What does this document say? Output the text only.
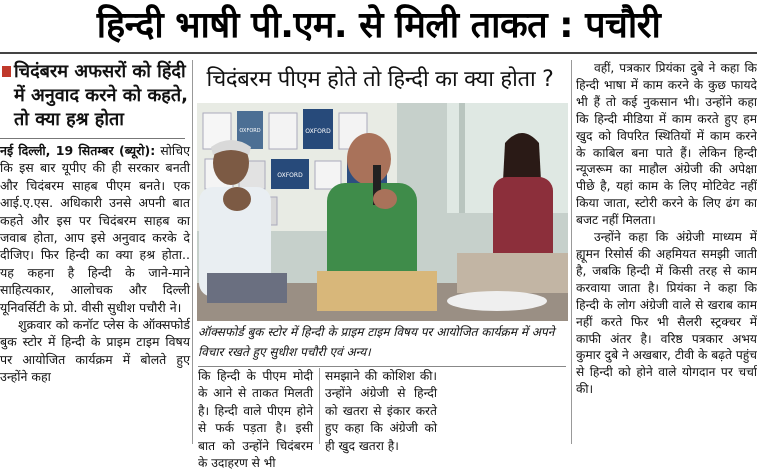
हिन्दी भाषी पी.एम. से मिली ताकत : पचौरी
चिदंबरम अफसरों को हिंदी में अनुवाद करने को कहते, तो क्या हश्र होता

नई दिल्ली, 19 सितम्बर (ब्यूरो): सोचिए कि इस बार यूपीए की ही सरकार बनती और चिदंबरम साहब पीएम बनते। एक आई.ए.एस. अधिकारी उनसे अपनी बात कहते और इस पर चिदंबरम साहब का जवाब होता, आप इसे अनुवाद करके दे दीजिए। फिर हिन्दी का क्या हश्र होता.. यह कहना है हिन्दी के जाने-माने साहित्यकार, आलोचक और दिल्ली यूनिवर्सिटी के प्रो. वीसी सुधीश पचौरी ने।

शुक्रवार को कनॉट प्लेस के ऑक्सफोर्ड बुक स्टोर में हिन्दी के प्राइम टाइम विषय पर आयोजित कार्यक्रम में बोलते हुए उन्होंने कहा

चिदंबरम पीएम होते तो हिन्दी का क्या होता ?
OXFORD
OXFORD
OXFORD
ऑक्सफोर्ड बुक स्टोर में हिन्दी के प्राइम टाइम विषय पर आयोजित कार्यक्रम में अपने विचार रखते हुए सुधीश पचौरी एवं अन्य।

कि हिन्दी के पीएम मोदी के आने से ताकत मिलती है। हिन्दी वाले पीएम होने से फर्क पड़ता है। इसी बात को उन्होंने चिदंबरम के उदाहरण से भी

समझाने की कोशिश की। उन्होंने अंग्रेजी से हिन्दी को खतरा से इंकार करते हुए कहा कि अंग्रेजी को ही खुद खतरा है।

वहीं, पत्रकार प्रियंका दुबे ने कहा कि हिन्दी भाषा में काम करने के कुछ फायदे भी हैं तो कई नुकसान भी। उन्होंने कहा कि हिन्दी मीडिया में काम करते हुए हम खुद को विपरित स्थितियों में काम करने के काबिल बना पाते हैं। लेकिन हिन्दी न्यूजरूम का माहौल अंग्रेजी की अपेक्षा पीछे है, यहां काम के लिए मोटिवेट नहीं किया जाता, स्टोरी करने के लिए ढंग का बजट नहीं मिलता।

उन्होंने कहा कि अंग्रेजी माध्यम में ह्यूमन रिसोर्स की अहमियत समझी जाती है, जबकि हिन्दी में किसी तरह से काम करवाया जाता है। प्रियंका ने कहा कि हिन्दी के लोग अंग्रेजी वाले से खराब काम नहीं करते फिर भी सैलरी स्ट्रक्चर में काफी अंतर है। वरिष्ठ पत्रकार अभय कुमार दुबे ने अखबार, टीवी के बढ़ते पहुंच से हिन्दी को होने वाले योगदान पर चर्चा की।
